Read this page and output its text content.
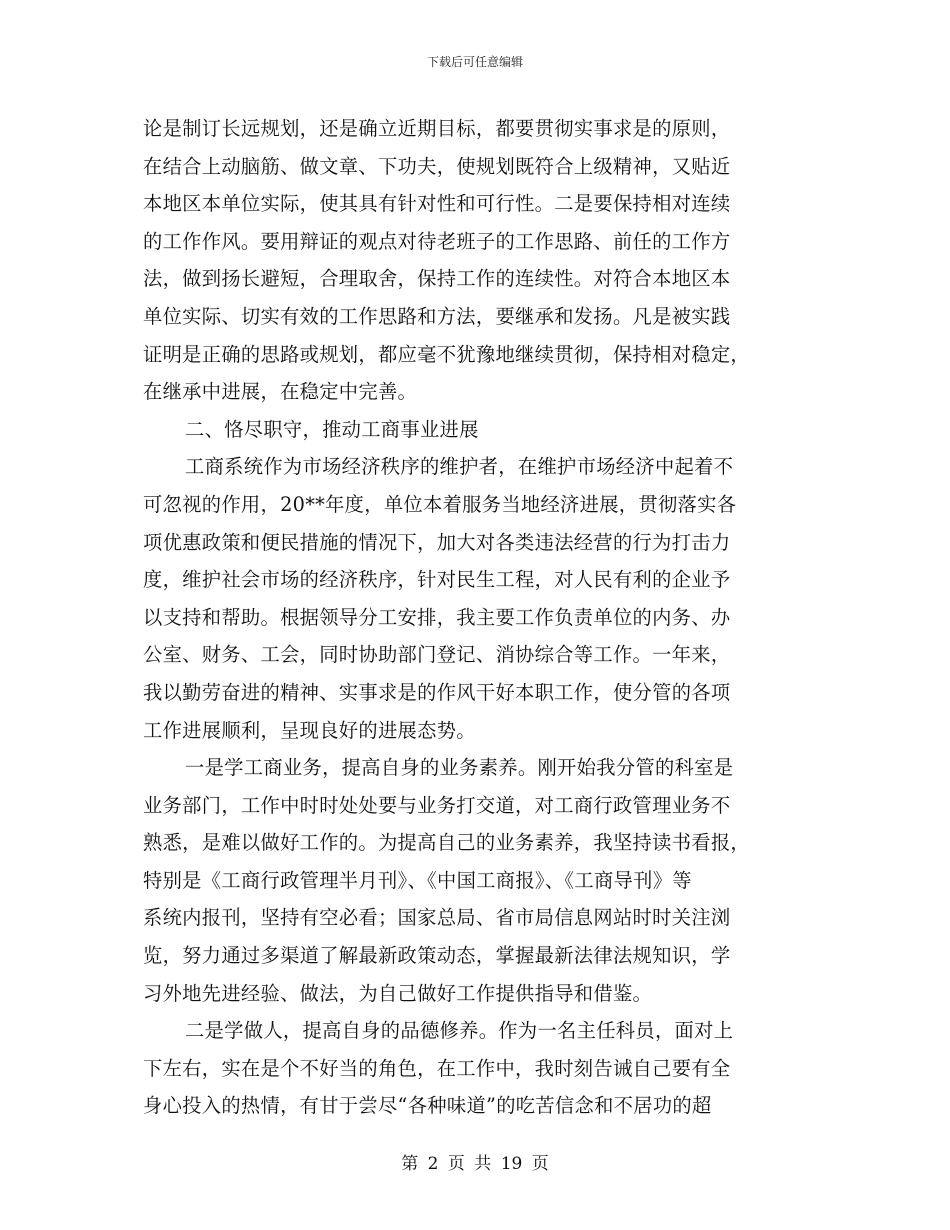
下载后可任意编辑
论是制订长远规划，还是确立近期目标，都要贯彻实事求是的原则，
在结合上动脑筋、做文章、下功夫，使规划既符合上级精神，又贴近
本地区本单位实际，使其具有针对性和可行性。二是要保持相对连续
的工作作风。要用辩证的观点对待老班子的工作思路、前任的工作方
法，做到扬长避短，合理取舍，保持工作的连续性。对符合本地区本
单位实际、切实有效的工作思路和方法，要继承和发扬。凡是被实践
证明是正确的思路或规划，都应毫不犹豫地继续贯彻，保持相对稳定，
在继承中进展，在稳定中完善。
二、恪尽职守，推动工商事业进展
工商系统作为市场经济秩序的维护者，在维护市场经济中起着不
可忽视的作用，20**年度，单位本着服务当地经济进展，贯彻落实各
项优惠政策和便民措施的情况下，加大对各类违法经营的行为打击力
度，维护社会市场的经济秩序，针对民生工程，对人民有利的企业予
以支持和帮助。根据领导分工安排，我主要工作负责单位的内务、办
公室、财务、工会，同时协助部门登记、消协综合等工作。一年来，
我以勤劳奋进的精神、实事求是的作风干好本职工作，使分管的各项
工作进展顺利，呈现良好的进展态势。
一是学工商业务，提高自身的业务素养。刚开始我分管的科室是
业务部门，工作中时时处处要与业务打交道，对工商行政管理业务不
熟悉，是难以做好工作的。为提高自己的业务素养，我坚持读书看报，
特别是《工商行政管理半月刊》、《中国工商报》、《工商导刊》等
系统内报刊，坚持有空必看；国家总局、省市局信息网站时时关注浏
览，努力通过多渠道了解最新政策动态，掌握最新法律法规知识，学
习外地先进经验、做法，为自己做好工作提供指导和借鉴。
二是学做人，提高自身的品德修养。作为一名主任科员，面对上
下左右，实在是个不好当的角色，在工作中，我时刻告诫自己要有全
身心投入的热情，有甘于尝尽“各种味道”的吃苦信念和不居功的超
第 2 页 共 19 页
